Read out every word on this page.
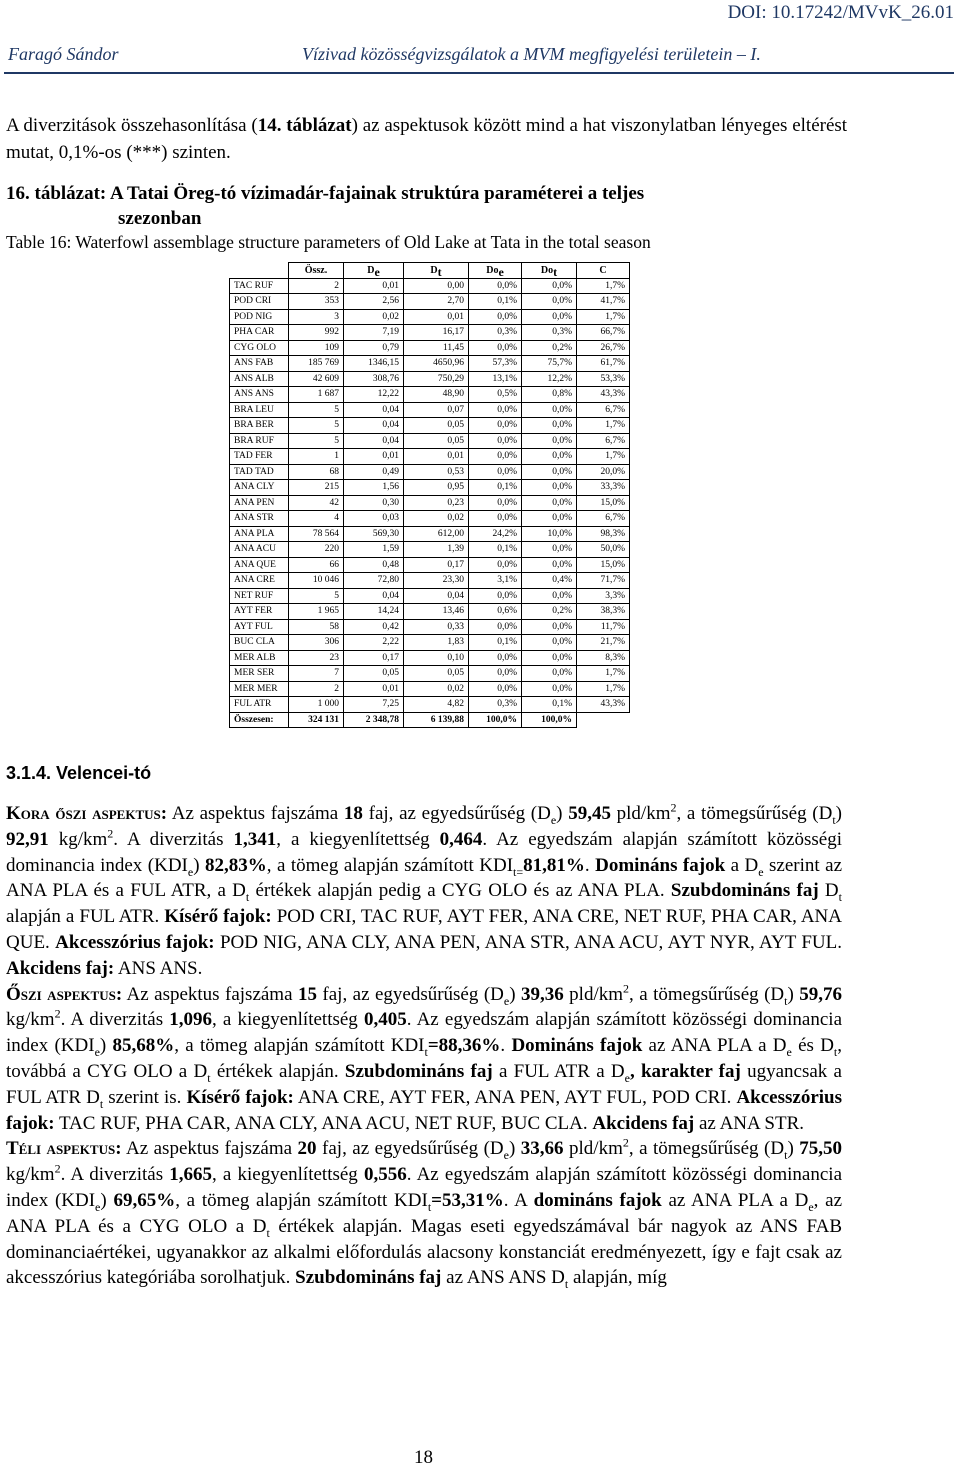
DOI: 10.17242/MVvK_26.01
Faragó Sándor	Vízivad közösségvizsgálatok a MVM megfigyelési területein – I.
A diverzitások összehasonlítása (14. táblázat) az aspektusok között mind a hat viszonylatban lényeges eltérést mutat, 0,1%-os (***) szinten.
16. táblázat: A Tatai Öreg-tó vízimadár-fajainak struktúra paraméterei a teljes
szezonban
Table 16: Waterfowl assemblage structure parameters of Old Lake at Tata in the total season
	Össz.	$D_e$	$D_t$	$Do_e$	$Do_t$	C
TAC RUF	2	0,01	0,00	0,0%	0,0%	1,7%
POD CRI	353	2,56	2,70	0,1%	0,0%	41,7%
POD NIG	3	0,02	0,01	0,0%	0,0%	1,7%
PHA CAR	992	7,19	16,17	0,3%	0,3%	66,7%
CYG OLO	109	0,79	11,45	0,0%	0,2%	26,7%
ANS FAB	185 769	1346,15	4650,96	57,3%	75,7%	61,7%
ANS ALB	42 609	308,76	750,29	13,1%	12,2%	53,3%
ANS ANS	1 687	12,22	48,90	0,5%	0,8%	43,3%
BRA LEU	5	0,04	0,07	0,0%	0,0%	6,7%
BRA BER	5	0,04	0,05	0,0%	0,0%	1,7%
BRA RUF	5	0,04	0,05	0,0%	0,0%	6,7%
TAD FER	1	0,01	0,01	0,0%	0,0%	1,7%
TAD TAD	68	0,49	0,53	0,0%	0,0%	20,0%
ANA CLY	215	1,56	0,95	0,1%	0,0%	33,3%
ANA PEN	42	0,30	0,23	0,0%	0,0%	15,0%
ANA STR	4	0,03	0,02	0,0%	0,0%	6,7%
ANA PLA	78 564	569,30	612,00	24,2%	10,0%	98,3%
ANA ACU	220	1,59	1,39	0,1%	0,0%	50,0%
ANA QUE	66	0,48	0,17	0,0%	0,0%	15,0%
ANA CRE	10 046	72,80	23,30	3,1%	0,4%	71,7%
NET RUF	5	0,04	0,04	0,0%	0,0%	3,3%
AYT FER	1 965	14,24	13,46	0,6%	0,2%	38,3%
AYT FUL	58	0,42	0,33	0,0%	0,0%	11,7%
BUC CLA	306	2,22	1,83	0,1%	0,0%	21,7%
MER ALB	23	0,17	0,10	0,0%	0,0%	8,3%
MER SER	7	0,05	0,05	0,0%	0,0%	1,7%
MER MER	2	0,01	0,02	0,0%	0,0%	1,7%
FUL ATR	1 000	7,25	4,82	0,3%	0,1%	43,3%
Összesen:	324 131	2 348,78	6 139,88	100,0%	100,0%	
3.1.4. Velencei-tó

Kora őszi aspektus: Az aspektus fajszáma 18 faj, az egyedsűrűség $(D_e)$ 59,45 pld/$km^2$, a tömegsűrűség $(D_t)$ 92,91 $kg/km^2$. A diverzitás 1,341, a kiegyenlítettség 0,464. Az egyedszám alapján számított közösségi dominancia index $(KDI_e)$ 82,83%, a tömeg alapján számított $KDI_{t=}81,81\%$. Domináns fajok a $D_e$ szerint az ANA PLA és a FUL ATR, a $D_t$ értékek alapján pedig a CYG OLO és az ANA PLA. Szubdomináns faj $D_t$ alapján a FUL ATR. Kísérő fajok: POD CRI, TAC RUF, AYT FER, ANA CRE, NET RUF, PHA CAR, ANA QUE. Akcesszórius fajok: POD NIG, ANA CLY, ANA PEN, ANA STR, ANA ACU, AYT NYR, AYT FUL. Akcidens faj: ANS ANS.

Őszi aspektus: Az aspektus fajszáma 15 faj, az egyedsűrűség $(D_e)$ 39,36 pld/$km^2$, a tömegsűrűség $(D_t)$ 59,76 $kg/km^2$. A diverzitás 1,096, a kiegyenlítettség 0,405. Az egyedszám alapján számított közösségi dominancia index $(KDI_e)$ 85,68%, a tömeg alapján számított $KDI_t=88,36\%$. Domináns fajok az ANA PLA a $D_e$ és $D_t$, továbbá a CYG OLO a $D_t$ értékek alapján. Szubdomináns faj a FUL ATR a $D_e$, karakter faj ugyancsak a FUL ATR $D_t$ szerint is. Kísérő fajok: ANA CRE, AYT FER, ANA PEN, AYT FUL, POD CRI. Akcesszórius fajok: TAC RUF, PHA CAR, ANA CLY, ANA ACU, NET RUF, BUC CLA. Akcidens faj az ANA STR.

Téli aspektus: Az aspektus fajszáma 20 faj, az egyedsűrűség $(D_e)$ 33,66 pld/$km^2$, a tömegsűrűség $(D_t)$ 75,50 $kg/km^2$. A diverzitás 1,665, a kiegyenlítettség 0,556. Az egyedszám alapján számított közösségi dominancia index $(KDI_e)$ 69,65%, a tömeg alapján számított $KDI_t=53,31\%$. A domináns fajok az ANA PLA a $D_e$, az ANA PLA és a CYG OLO a $D_t$ értékek alapján. Magas eseti egyedszámával bár nagyok az ANS FAB dominanciaértékei, ugyanakkor az alkalmi előfordulás alacsony konstanciát eredményezett, így e fajt csak az akcesszórius kategóriába sorolhatjuk. Szubdomináns faj az ANS ANS $D_t$ alapján, míg

18
